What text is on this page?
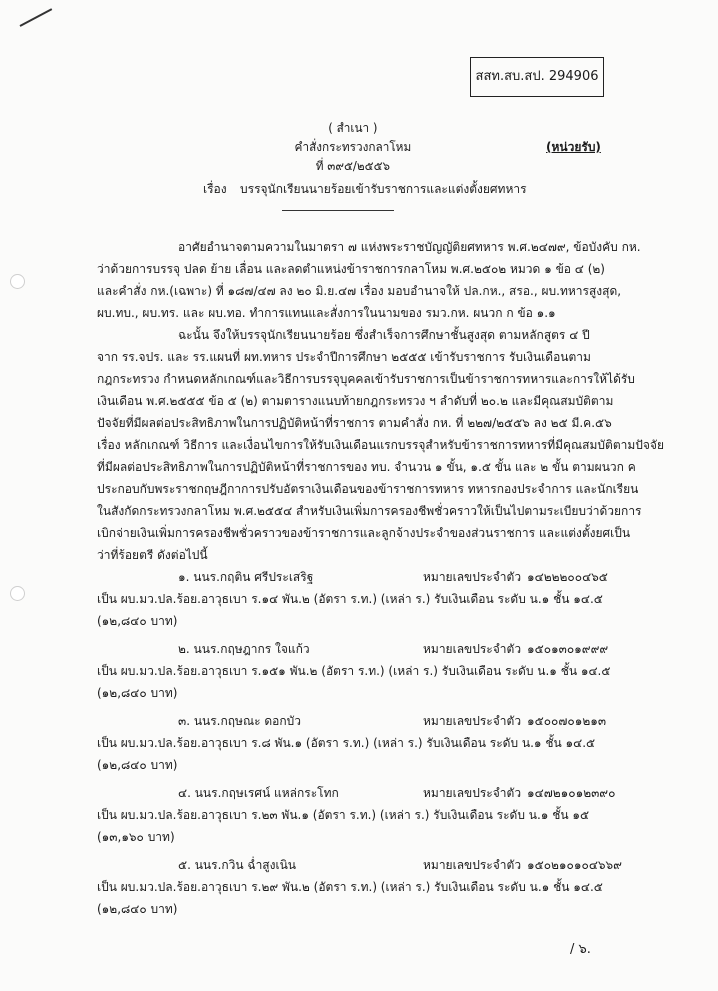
สสท.สบ.สป. 294906
( สำเนา )
คำสั่งกระทรวงกลาโหม	(หน่วยรับ)
ที่ ๓๙๕/๒๕๕๖
เรื่อง บรรจุนักเรียนนายร้อยเข้ารับราชการและแต่งตั้งยศทหาร
อาศัยอำนาจตามความในมาตรา ๗ แห่งพระราชบัญญัติยศทหาร พ.ศ.๒๔๗๙, ข้อบังคับ กห.
ว่าด้วยการบรรจุ ปลด ย้าย เลื่อน และลดตำแหน่งข้าราชการกลาโหม พ.ศ.๒๕๐๒ หมวด ๑ ข้อ ๔ (๒)
และคำสั่ง กห.(เฉพาะ) ที่ ๑๘๗/๔๗ ลง ๒๐ มิ.ย.๔๗ เรื่อง มอบอำนาจให้ ปล.กห., สรอ., ผบ.ทหารสูงสุด,
ผบ.ทบ., ผบ.ทร. และ ผบ.ทอ. ทำการแทนและสั่งการในนามของ รมว.กห. ผนวก ก ข้อ ๑.๑
ฉะนั้น จึงให้บรรจุนักเรียนนายร้อย ซึ่งสำเร็จการศึกษาชั้นสูงสุด ตามหลักสูตร ๔ ปี
จาก รร.จปร. และ รร.แผนที่ ผท.ทหาร ประจำปีการศึกษา ๒๕๕๕ เข้ารับราชการ รับเงินเดือนตาม
กฎกระทรวง กำหนดหลักเกณฑ์และวิธีการบรรจุบุคคลเข้ารับราชการเป็นข้าราชการทหารและการให้ได้รับ
เงินเดือน พ.ศ.๒๕๕๕ ข้อ ๕ (๒) ตามตารางแนบท้ายกฎกระทรวง ฯ ลำดับที่ ๒๐.๒ และมีคุณสมบัติตาม
ปัจจัยที่มีผลต่อประสิทธิภาพในการปฏิบัติหน้าที่ราชการ ตามคำสั่ง กห. ที่ ๒๒๗/๒๕๕๖ ลง ๒๕ มี.ค.๕๖
เรื่อง หลักเกณฑ์ วิธีการ และเงื่อนไขการให้รับเงินเดือนแรกบรรจุสำหรับข้าราชการทหารที่มีคุณสมบัติตามปัจจัย
ที่มีผลต่อประสิทธิภาพในการปฏิบัติหน้าที่ราชการของ ทบ. จำนวน ๑ ขั้น, ๑.๕ ขั้น และ ๒ ขั้น ตามผนวก ค
ประกอบกับพระราชกฤษฎีกาการปรับอัตราเงินเดือนของข้าราชการทหาร ทหารกองประจำการ และนักเรียน
ในสังกัดกระทรวงกลาโหม พ.ศ.๒๕๕๔ สำหรับเงินเพิ่มการครองชีพชั่วคราวให้เป็นไปตามระเบียบว่าด้วยการ
เบิกจ่ายเงินเพิ่มการครองชีพชั่วคราวของข้าราชการและลูกจ้างประจำของส่วนราชการ และแต่งตั้งยศเป็น
ว่าที่ร้อยตรี ดังต่อไปนี้
๑. นนร.กฤติน ศรีประเสริฐ	หมายเลขประจำตัว ๑๔๒๒๒๐๐๔๖๕
เป็น ผบ.มว.ปล.ร้อย.อาวุธเบา ร.๑๔ พัน.๒ (อัตรา ร.ท.) (เหล่า ร.) รับเงินเดือน ระดับ น.๑ ชั้น ๑๔.๕
(๑๒,๘๔๐ บาท)
๒. นนร.กฤษฎากร ใจแก้ว	หมายเลขประจำตัว ๑๕๐๑๓๐๑๙๙๙
เป็น ผบ.มว.ปล.ร้อย.อาวุธเบา ร.๑๕๑ พัน.๒ (อัตรา ร.ท.) (เหล่า ร.) รับเงินเดือน ระดับ น.๑ ชั้น ๑๔.๕
(๑๒,๘๔๐ บาท)
๓. นนร.กฤษณะ ดอกบัว	หมายเลขประจำตัว ๑๕๐๐๗๐๑๒๑๓
เป็น ผบ.มว.ปล.ร้อย.อาวุธเบา ร.๘ พัน.๑ (อัตรา ร.ท.) (เหล่า ร.) รับเงินเดือน ระดับ น.๑ ชั้น ๑๔.๕
(๑๒,๘๔๐ บาท)
๔. นนร.กฤษเรศน์ แหล่กระโทก	หมายเลขประจำตัว ๑๔๗๒๑๐๑๒๓๙๐
เป็น ผบ.มว.ปล.ร้อย.อาวุธเบา ร.๒๓ พัน.๑ (อัตรา ร.ท.) (เหล่า ร.) รับเงินเดือน ระดับ น.๑ ชั้น ๑๕
(๑๓,๑๖๐ บาท)
๕. นนร.กวิน ฉ่ำสูงเนิน	หมายเลขประจำตัว ๑๕๐๒๑๐๑๐๔๖๖๙
เป็น ผบ.มว.ปล.ร้อย.อาวุธเบา ร.๒๙ พัน.๒ (อัตรา ร.ท.) (เหล่า ร.) รับเงินเดือน ระดับ น.๑ ชั้น ๑๔.๕
(๑๒,๘๔๐ บาท)
/ ๖.
